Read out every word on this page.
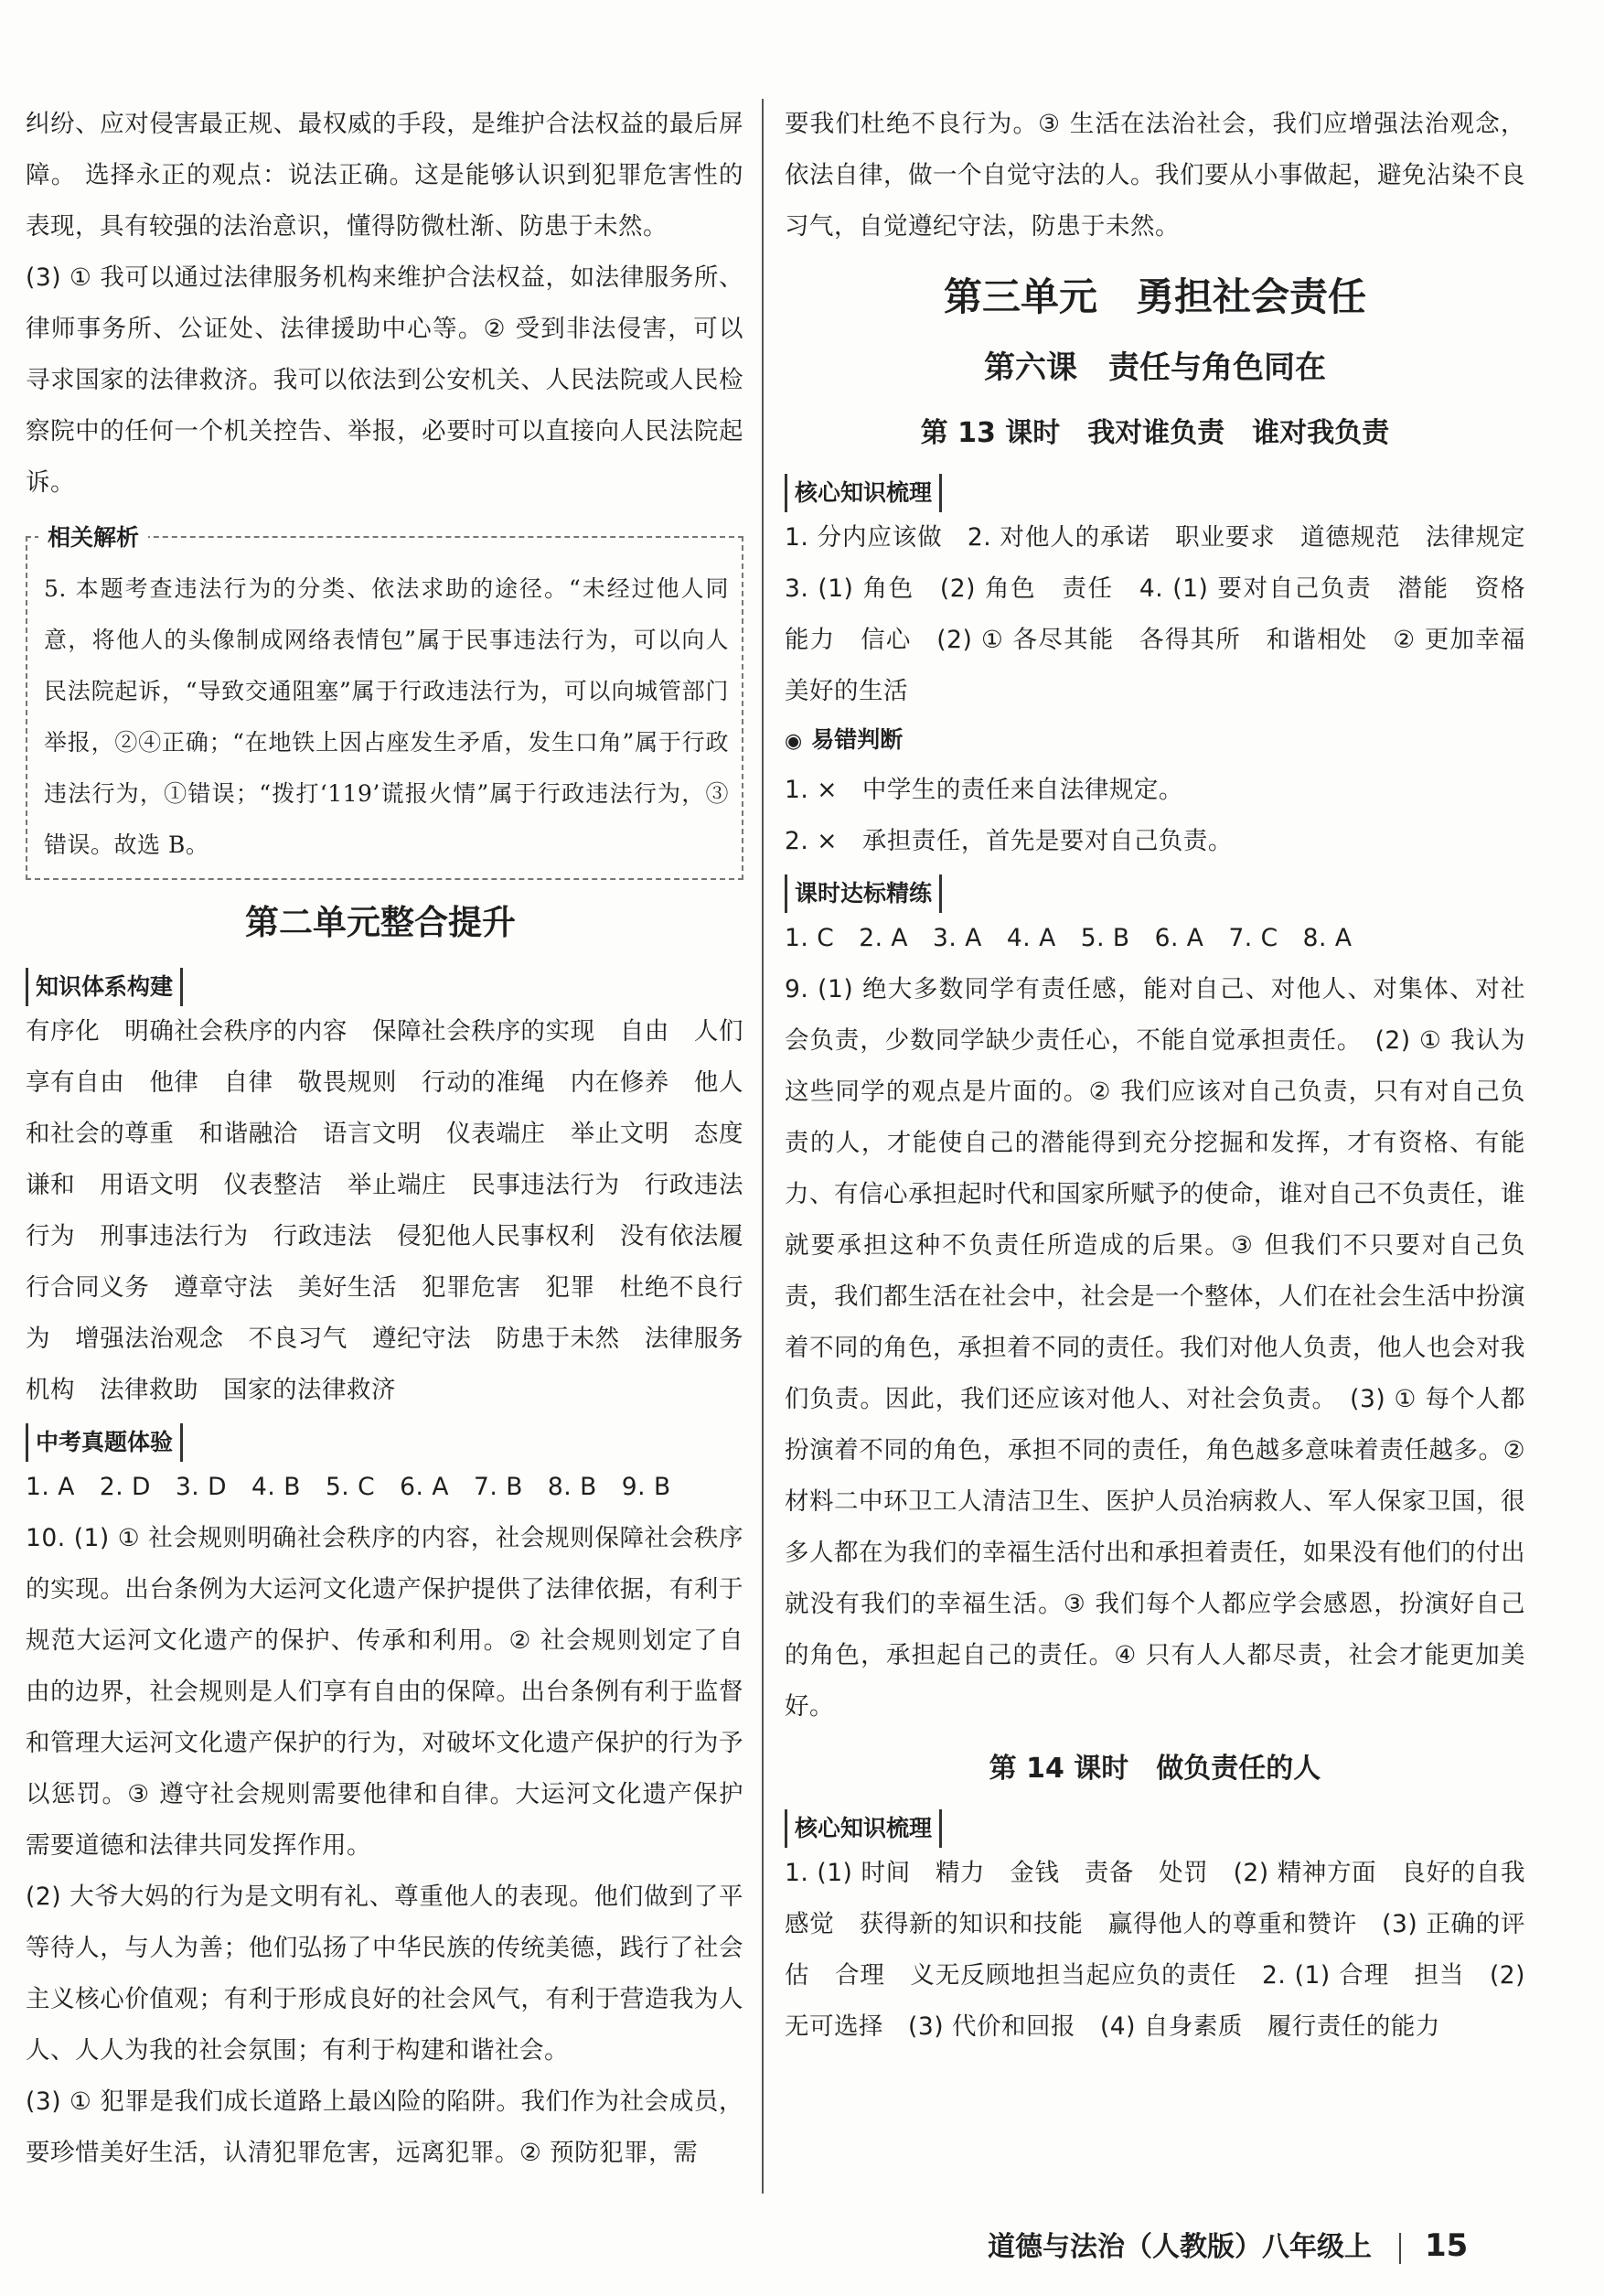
纠纷、应对侵害最正规、最权威的手段，是维护合法权益的最后屏障。 选择永正的观点：说法正确。这是能够认识到犯罪危害性的表现，具有较强的法治意识，懂得防微杜渐、防患于未然。

(3) ① 我可以通过法律服务机构来维护合法权益，如法律服务所、律师事务所、公证处、法律援助中心等。② 受到非法侵害，可以寻求国家的法律救济。我可以依法到公安机关、人民法院或人民检察院中的任何一个机关控告、举报，必要时可以直接向人民法院起诉。

相关解析

5. 本题考查违法行为的分类、依法求助的途径。“未经过他人同意，将他人的头像制成网络表情包”属于民事违法行为，可以向人民法院起诉，“导致交通阻塞”属于行政违法行为，可以向城管部门举报，②④正确；“在地铁上因占座发生矛盾，发生口角”属于行政违法行为，①错误；“拨打‘119’谎报火情”属于行政违法行为，③错误。故选 B。

第二单元整合提升
知识体系构建

有序化　明确社会秩序的内容　保障社会秩序的实现　自由　人们享有自由　他律　自律　敬畏规则　行动的准绳　内在修养　他人和社会的尊重　和谐融洽　语言文明　仪表端庄　举止文明　态度谦和　用语文明　仪表整洁　举止端庄　民事违法行为　行政违法行为　刑事违法行为　行政违法　侵犯他人民事权利　没有依法履行合同义务　遵章守法　美好生活　犯罪危害　犯罪　杜绝不良行为　增强法治观念　不良习气　遵纪守法　防患于未然　法律服务机构　法律救助　国家的法律救济

中考真题体验

1. A　2. D　3. D　4. B　5. C　6. A　7. B　8. B　9. B

10. (1) ① 社会规则明确社会秩序的内容，社会规则保障社会秩序的实现。出台条例为大运河文化遗产保护提供了法律依据，有利于规范大运河文化遗产的保护、传承和利用。② 社会规则划定了自由的边界，社会规则是人们享有自由的保障。出台条例有利于监督和管理大运河文化遗产保护的行为，对破坏文化遗产保护的行为予以惩罚。③ 遵守社会规则需要他律和自律。大运河文化遗产保护需要道德和法律共同发挥作用。

(2) 大爷大妈的行为是文明有礼、尊重他人的表现。他们做到了平等待人，与人为善；他们弘扬了中华民族的传统美德，践行了社会主义核心价值观；有利于形成良好的社会风气，有利于营造我为人人、人人为我的社会氛围；有利于构建和谐社会。

(3) ① 犯罪是我们成长道路上最凶险的陷阱。我们作为社会成员，要珍惜美好生活，认清犯罪危害，远离犯罪。② 预防犯罪，需

要我们杜绝不良行为。③ 生活在法治社会，我们应增强法治观念，依法自律，做一个自觉守法的人。我们要从小事做起，避免沾染不良习气，自觉遵纪守法，防患于未然。

第三单元　勇担社会责任
第六课　责任与角色同在
第 13 课时　我对谁负责　谁对我负责
核心知识梳理

1. 分内应该做　2. 对他人的承诺　职业要求　道德规范　法律规定　3. (1) 角色　(2) 角色　责任　4. (1) 要对自己负责　潜能　资格　能力　信心　(2) ① 各尽其能　各得其所　和谐相处　② 更加幸福美好的生活

◉ 易错判断

1. ×　中学生的责任来自法律规定。

2. ×　承担责任，首先是要对自己负责。

课时达标精练

1. C　2. A　3. A　4. A　5. B　6. A　7. C　8. A

9. (1) 绝大多数同学有责任感，能对自己、对他人、对集体、对社会负责，少数同学缺少责任心，不能自觉承担责任。　(2) ① 我认为这些同学的观点是片面的。② 我们应该对自己负责，只有对自己负责的人，才能使自己的潜能得到充分挖掘和发挥，才有资格、有能力、有信心承担起时代和国家所赋予的使命，谁对自己不负责任，谁就要承担这种不负责任所造成的后果。③ 但我们不只要对自己负责，我们都生活在社会中，社会是一个整体，人们在社会生活中扮演着不同的角色，承担着不同的责任。我们对他人负责，他人也会对我们负责。因此，我们还应该对他人、对社会负责。　(3) ① 每个人都扮演着不同的角色，承担不同的责任，角色越多意味着责任越多。② 材料二中环卫工人清洁卫生、医护人员治病救人、军人保家卫国，很多人都在为我们的幸福生活付出和承担着责任，如果没有他们的付出就没有我们的幸福生活。③ 我们每个人都应学会感恩，扮演好自己的角色，承担起自己的责任。④ 只有人人都尽责，社会才能更加美好。

第 14 课时　做负责任的人
核心知识梳理

1. (1) 时间　精力　金钱　责备　处罚　(2) 精神方面　良好的自我感觉　获得新的知识和技能　赢得他人的尊重和赞许　(3) 正确的评估　合理　义无反顾地担当起应负的责任　2. (1) 合理　担当　(2) 无可选择　(3) 代价和回报　(4) 自身素质　履行责任的能力

道德与法治（人教版）八年级上 15
